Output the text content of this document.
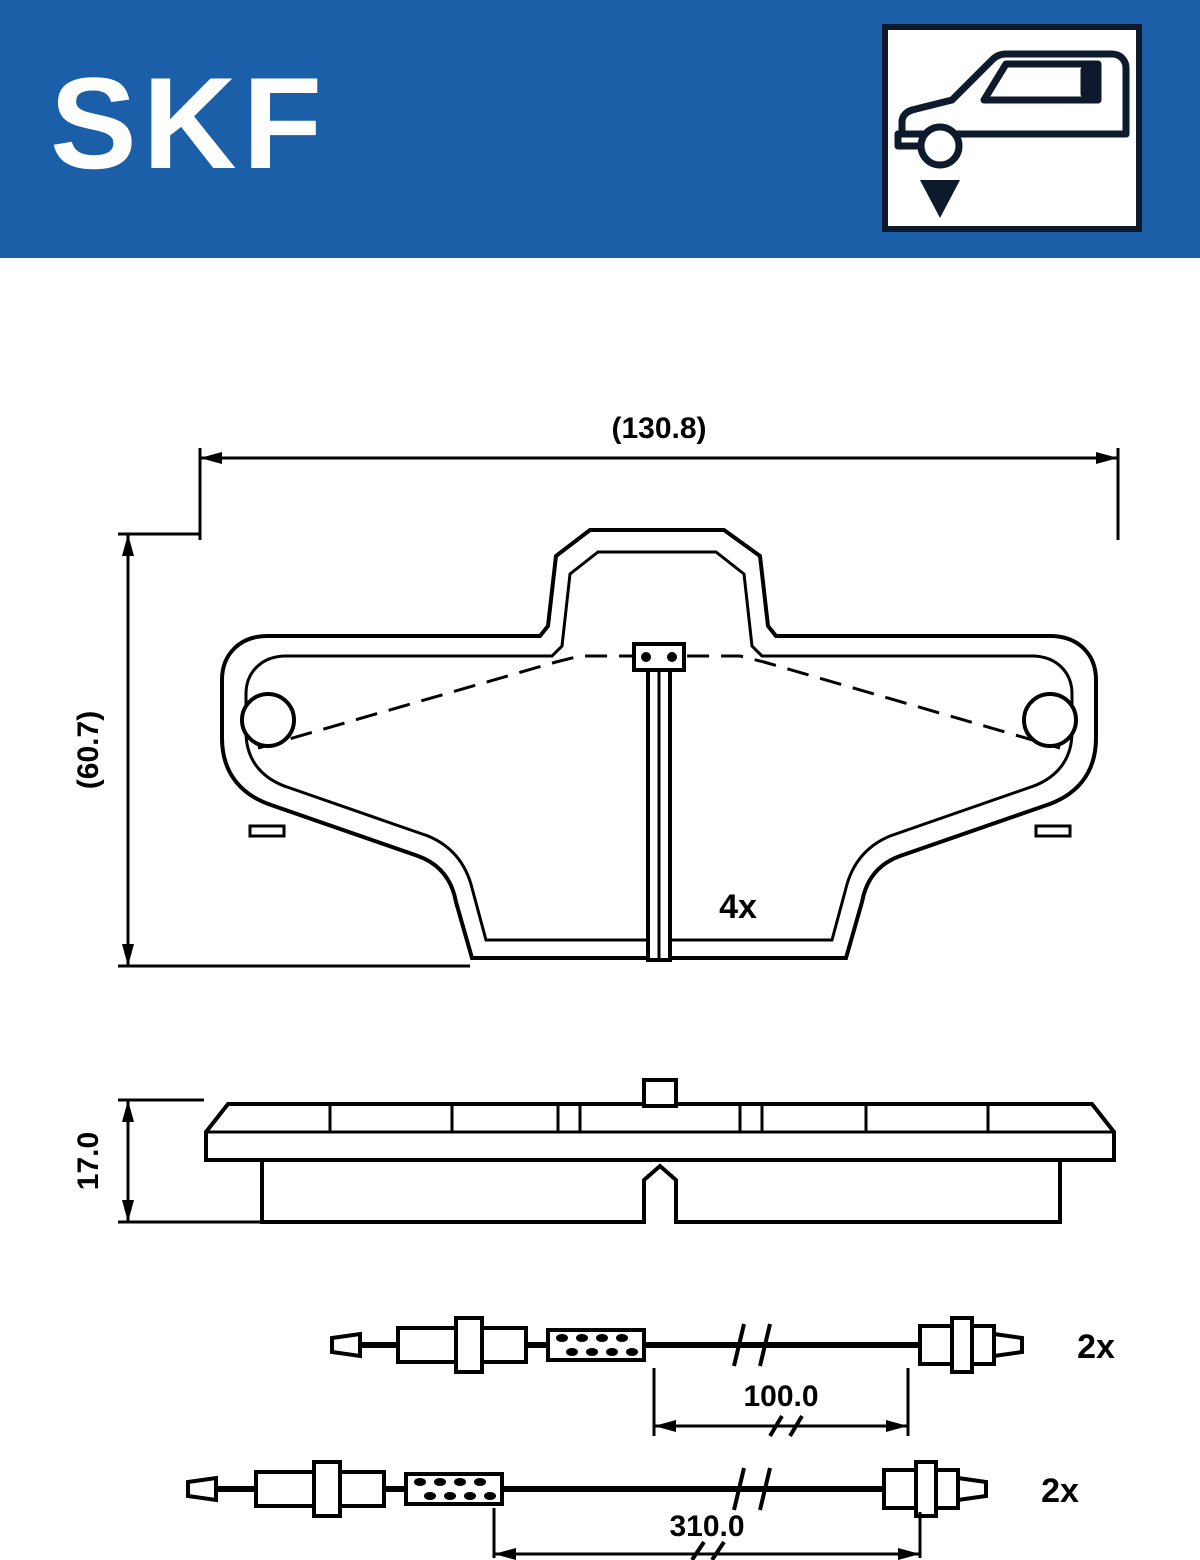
SKF
(130.8)
(60.7)
4x
17.0
2x
100.0
2x
310.0
